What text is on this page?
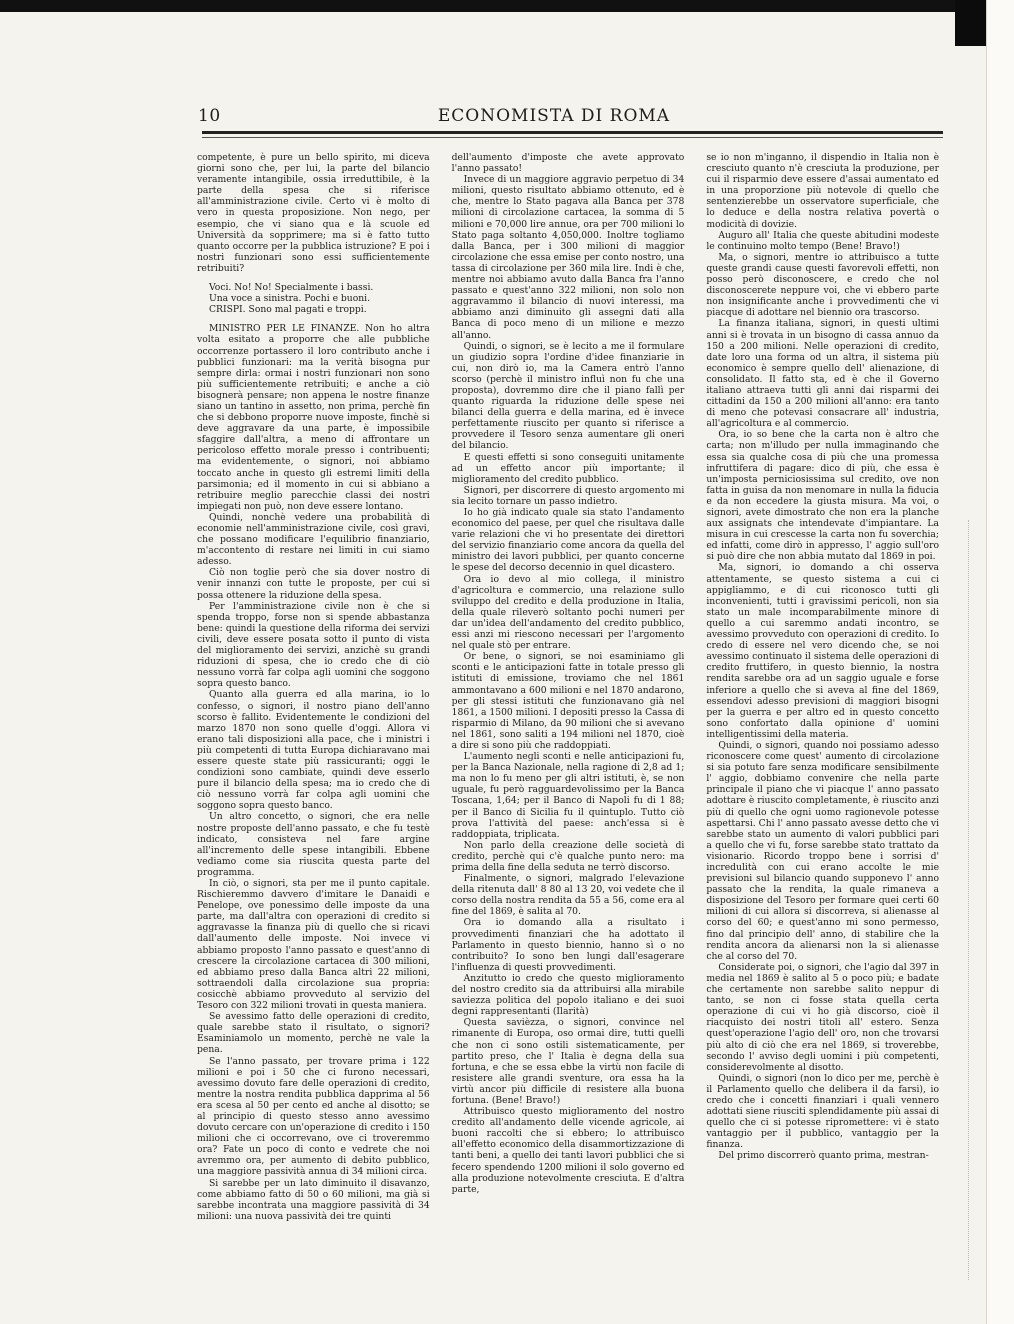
10	ECONOMISTA DI ROMA

competente, è pure un bello spirito, mi diceva giorni sono che, per lui, la parte del bilancio veramente intangibile, ossia irreduttibile, è la parte della spesa che si riferisce all'amministrazione civile. Certo vi è molto di vero in questa proposizione. Non nego, per esempio, che vi siano qua e là scuole ed Università da sopprimere; ma si è fatto tutto quanto occorre per la pubblica istruzione? E poi i nostri funzionari sono essi sufficientemente retribuiti?

Voci. No! No! Specialmente i bassi.

Una voce a sinistra. Pochi e buoni.

CRISPI. Sono mal pagati e troppi.

MINISTRO PER LE FINANZE. Non ho altra volta esitato a proporre che alle pubbliche occorrenze portassero il loro contributo anche i pubblici funzionari: ma la verità bisogna pur sempre dirla: ormai i nostri funzionari non sono più sufficientemente retribuiti; e anche a ciò bisognerà pensare; non appena le nostre finanze siano un tantino in assetto, non prima, perchè fin che si debbono proporre nuove imposte, finchè si deve aggravare da una parte, è impossibile sfaggire dall'altra, a meno di affrontare un pericoloso effetto morale presso i contribuenti; ma evidentemente, o signori, noi abbiamo toccato anche in questo gli estremi limiti della parsimonia; ed il momento in cui si abbiano a retribuire meglio parecchie classi dei nostri impiegati non può, non deve essere lontano.

Quindi, nonchè vedere una probabilità di economie nell'amministrazione civile, così gravi, che possano modificare l'equilibrio finanziario, m'accontento di restare nei limiti in cui siamo adesso.

Ciò non toglie però che sia dover nostro di venir innanzi con tutte le proposte, per cui si possa ottenere la riduzione della spesa.

Per l'amministrazione civile non è che si spenda troppo, forse non si spende abbastanza bene: quindi la questione della riforma dei servizi civili, deve essere posata sotto il punto di vista del miglioramento dei servizi, anzichè su grandi riduzioni di spesa, che io credo che di ciò nessuno vorrà far colpa agli uomini che soggono sopra questo banco.

Quanto alla guerra ed alla marina, io lo confesso, o signori, il nostro piano dell'anno scorso è fallito. Evidentemente le condizioni del marzo 1870 non sono quelle d'oggi. Allora vi erano tali disposizioni alla pace, che i ministri i più competenti di tutta Europa dichiaravano mai essere queste state più rassicuranti; oggi le condizioni sono cambiate, quindi deve esserlo pure il bilancio della spesa; ma io credo che di ciò nessuno vorrà far colpa agli uomini che soggono sopra questo banco.

Un altro concetto, o signori, che era nelle nostre proposte dell'anno passato, e che fu testè indicato, consisteva nel fare argine all'incremento delle spese intangibili. Ebbene vediamo come sia riuscita questa parte del programma.

In ciò, o signori, sta per me il punto capitale. Rischieremmo davvero d'imitare le Danaidi e Penelope, ove ponessimo delle imposte da una parte, ma dall'altra con operazioni di credito si aggravasse la finanza più di quello che si ricavi dall'aumento delle imposte. Noi invece vi abbiamo proposto l'anno passato e quest'anno di crescere la circolazione cartacea di 300 milioni, ed abbiamo preso dalla Banca altri 22 milioni, sottraendoli dalla circolazione sua propria: cosicchè abbiamo provveduto al servizio del Tesoro con 322 milioni trovati in questa maniera.

Se avessimo fatto delle operazioni di credito, quale sarebbe stato il risultato, o signori? Esaminiamolo un momento, perchè ne vale la pena.

Se l'anno passato, per trovare prima i 122 milioni e poi i 50 che ci furono necessari, avessimo dovuto fare delle operazioni di credito, mentre la nostra rendita pubblica dapprima al 56 era scesa al 50 per cento ed anche al disotto; se al principio di questo stesso anno avessimo dovuto cercare con un'operazione di credito i 150 milioni che ci occorrevano, ove ci troveremmo ora? Fate un poco di conto e vedrete che noi avremmo ora, per aumento di debito pubblico, una maggiore passività annua di 34 milioni circa.

Si sarebbe per un lato diminuito il disavanzo, come abbiamo fatto di 50 o 60 milioni, ma già si sarebbe incontrata una maggiore passività di 34 milioni: una nuova passività dei tre quinti

dell'aumento d'imposte che avete approvato l'anno passato!

Invece di un maggiore aggravio perpetuo di 34 milioni, questo risultato abbiamo ottenuto, ed è che, mentre lo Stato pagava alla Banca per 378 milioni di circolazione cartacea, la somma di 5 milioni e 70,000 lire annue, ora per 700 milioni lo Stato paga soltanto 4,050,000. Inoltre togliamo dalla Banca, per i 300 milioni di maggior circolazione che essa emise per conto nostro, una tassa di circolazione per 360 mila lire. Indi è che, mentre noi abbiamo avuto dalla Banca fra l'anno passato e quest'anno 322 milioni, non solo non aggravammo il bilancio di nuovi interessi, ma abbiamo anzi diminuito gli assegni dati alla Banca di poco meno di un milione e mezzo all'anno.

Quindi, o signori, se è lecito a me il formulare un giudizio sopra l'ordine d'idee finanziarie in cui, non dirò io, ma la Camera entrò l'anno scorso (perchè il ministro influì non fu che una proposta), dovremmo dire che il piano fallì per quanto riguarda la riduzione delle spese nei bilanci della guerra e della marina, ed è invece perfettamente riuscito per quanto si riferisce a provvedere il Tesoro senza aumentare gli oneri del bilancio.

E questi effetti si sono conseguiti unitamente ad un effetto ancor più importante; il miglioramento del credito pubblico.

Signori, per discorrere di questo argomento mi sia lecito tornare un passo indietro.

Io ho già indicato quale sia stato l'andamento economico del paese, per quel che risultava dalle varie relazioni che vi ho presentate dei direttori del servizio finanziario come ancora da quella del ministro dei lavori pubblici, per quanto concerne le spese del decorso decennio in quel dicastero.

Ora io devo al mio collega, il ministro d'agricoltura e commercio, una relazione sullo sviluppo del credito e della produzione in Italia, della quale rileverò soltanto pochi numeri per dar un'idea dell'andamento del credito pubblico, essi anzi mi riescono necessari per l'argomento nel quale stò per entrare.

Or bene, o signori, se noi esaminiamo gli sconti e le anticipazioni fatte in totale presso gli istituti di emissione, troviamo che nel 1861 ammontavano a 600 milioni e nel 1870 andarono, per gli stessi istituti che funzionavano già nel 1861, a 1500 milioni. I depositi presso la Cassa di risparmio di Milano, da 90 milioni che si avevano nel 1861, sono saliti a 194 milioni nel 1870, cioè a dire si sono più che raddoppiati.

L'aumento negli sconti e nelle anticipazioni fu, per la Banca Nazionale, nella ragione di 2,8 ad 1; ma non lo fu meno per gli altri istituti, è, se non uguale, fu però ragguardevolissimo per la Banca Toscana, 1,64; per il Banco di Napoli fu di 1 88; per il Banco di Sicilia fu il quintuplo. Tutto ciò prova l'attività del paese: anch'essa si è raddoppiata, triplicata.

Non parlo della creazione delle società di credito, perchè qui c'è qualche punto nero: ma prima della fine della seduta ne terrò discorso.

Finalmente, o signori, malgrado l'elevazione della ritenuta dall' 8 80 al 13 20, voi vedete che il corso della nostra rendita da 55 a 56, come era al fine del 1869, è salita al 70.

Ora io domando alla a risultato i provvedimenti finanziari che ha adottato il Parlamento in questo biennio, hanno sì o no contribuito? Io sono ben lungi dall'esagerare l'influenza di questi provvedimenti.

Anzitutto io credo che questo miglioramento del nostro credito sia da attribuirsi alla mirabile saviezza politica del popolo italiano e dei suoi degni rappresentanti (Ilarità)

Questa savièzza, o signori, convince nel rimanente di Europa, oso ormai dire, tutti quelli che non ci sono ostili sistematicamente, per partito preso, che l' Italia è degna della sua fortuna, e che se essa ebbe la virtù non facile di resistere alle grandi sventure, ora essa ha la virtù ancor più difficile di resistere alla buona fortuna. (Bene! Bravo!)

Attribuisco questo miglioramento del nostro credito all'andamento delle vicende agricole, ai buoni raccolti che si ebbero; lo attribuisco all'effetto economico della disammortizzazione di tanti beni, a quello dei tanti lavori pubblici che si fecero spendendo 1200 milioni il solo governo ed alla produzione notevolmente cresciuta. E d'altra parte,

se io non m'inganno, il dispendio in Italia non è cresciuto quanto n'è cresciuta la produzione, per cui il risparmio deve essere d'assai aumentato ed in una proporzione più notevole di quello che sentenzierebbe un osservatore superficiale, che lo deduce e della nostra relativa povertà o modicità di dovizie.

Auguro all' Italia che queste abitudini modeste le continuino molto tempo (Bene! Bravo!)

Ma, o signori, mentre io attribuisco a tutte queste grandi cause questi favorevoli effetti, non posso però disconoscere, e credo che nol disconoscerete neppure voi, che vi ebbero parte non insignificante anche i provvedimenti che vi piacque di adottare nel biennio ora trascorso.

La finanza italiana, signori, in questi ultimi anni si è trovata in un bisogno di cassa annuo da 150 a 200 milioni. Nelle operazioni di credito, date loro una forma od un altra, il sistema più economico è sempre quello dell' alienazione, di consolidato. Il fatto sta, ed è che il Governo italiano attraeva tutti gli anni dai risparmi dei cittadini da 150 a 200 milioni all'anno: era tanto di meno che potevasi consacrare all' industria, all'agricoltura e al commercio.

Ora, io so bene che la carta non è altro che carta; non m'illudo per nulla immaginando che essa sia qualche cosa di più che una promessa infruttifera di pagare: dico di più, che essa è un'imposta perniciosissima sul credito, ove non fatta in guisa da non menomare in nulla la fiducia e da non eccedere la giusta misura. Ma voi, o signori, avete dimostrato che non era la planche aux assignats che intendevate d'impiantare. La misura in cui crescesse la carta non fu soverchia; ed infatti, come dirò in appresso, l' aggio sull'oro si può dire che non abbia mutato dal 1869 in poi.

Ma, signori, io domando a chi osserva attentamente, se questo sistema a cui ci appigliammo, e di cui riconosco tutti gli inconvenienti, tutti i gravissimi pericoli, non sia stato un male incomparabilmente minore di quello a cui saremmo andati incontro, se avessimo provveduto con operazioni di credito. Io credo di essere nel vero dicendo che, se noi avessimo continuato il sistema delle operazioni di credito fruttifero, in questo biennio, la nostra rendita sarebbe ora ad un saggio uguale e forse inferiore a quello che si aveva al fine del 1869, essendovi adesso previsioni di maggiori bisogni per la guerra e per altro ed in questo concetto sono confortato dalla opinione d' uomini intelligentissimi della materia.

Quindi, o signori, quando noi possiamo adesso riconoscere come quest' aumento di circolazione si sia potuto fare senza modificare sensibilmente l' aggio, dobbiamo convenire che nella parte principale il piano che vi piacque l' anno passato adottare è riuscito completamente, è riuscito anzi più di quello che ogni uomo ragionevole potesse aspettarsi. Chi l' anno passato avesse detto che vi sarebbe stato un aumento di valori pubblici pari a quello che vi fu, forse sarebbe stato trattato da visionario. Ricordo troppo bene i sorrisi d' incredulità con cui erano accolte le mie previsioni sul bilancio quando supponevo l' anno passato che la rendita, la quale rimaneva a disposizione del Tesoro per formare quei certi 60 milioni di cui allora si discorreva, si alienasse al corso del 60; e quest'anno mi sono permesso, fino dal principio dell' anno, di stabilire che la rendita ancora da alienarsi non la si alienasse che al corso del 70.

Considerate poi, o signori, che l'agio dal 397 in media nel 1869 è salito al 5 o poco più; e badate che certamente non sarebbe salito neppur di tanto, se non ci fosse stata quella certa operazione di cui vi ho già discorso, cioè il riacquisto dei nostri titoli all' estero. Senza quest'operazione l'agio dell' oro, non che trovarsi più alto di ciò che era nel 1869, si troverebbe, secondo l' avviso degli uomini i più competenti, considerevolmente al disotto.

Quindi, o signori (non lo dico per me, perchè è il Parlamento quello che delibera il da farsi), io credo che i concetti finanziari i quali vennero adottati siene riusciti splendidamente più assai di quello che ci si potesse ripromettere: vi è stato vantaggio per il pubblico, vantaggio per la finanza.

Del primo discorrerò quanto prima, mestran-
